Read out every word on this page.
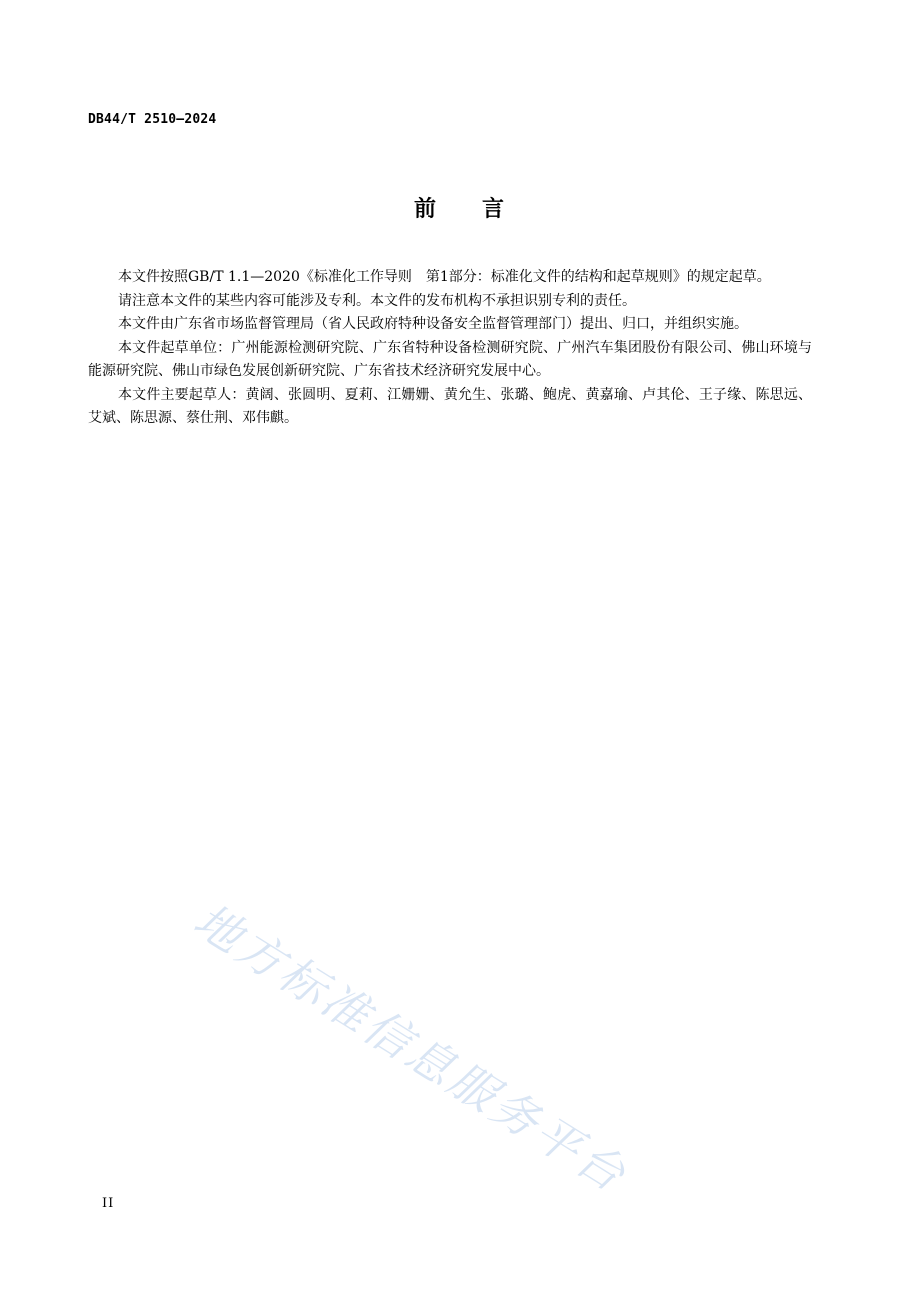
DB44/T 2510—2024
前 言

本文件按照GB/T 1.1—2020《标准化工作导则　第1部分：标准化文件的结构和起草规则》的规定起草。

请注意本文件的某些内容可能涉及专利。本文件的发布机构不承担识别专利的责任。

本文件由广东省市场监督管理局（省人民政府特种设备安全监督管理部门）提出、归口，并组织实施。

本文件起草单位：广州能源检测研究院、广东省特种设备检测研究院、广州汽车集团股份有限公司、佛山环境与能源研究院、佛山市绿色发展创新研究院、广东省技术经济研究发展中心。

本文件主要起草人：黄阔、张圆明、夏莉、江姗姗、黄允生、张璐、鲍虎、黄嘉瑜、卢其伦、王子缘、陈思远、艾斌、陈思源、蔡仕荆、邓伟麒。

地方标准信息服务平台
II
